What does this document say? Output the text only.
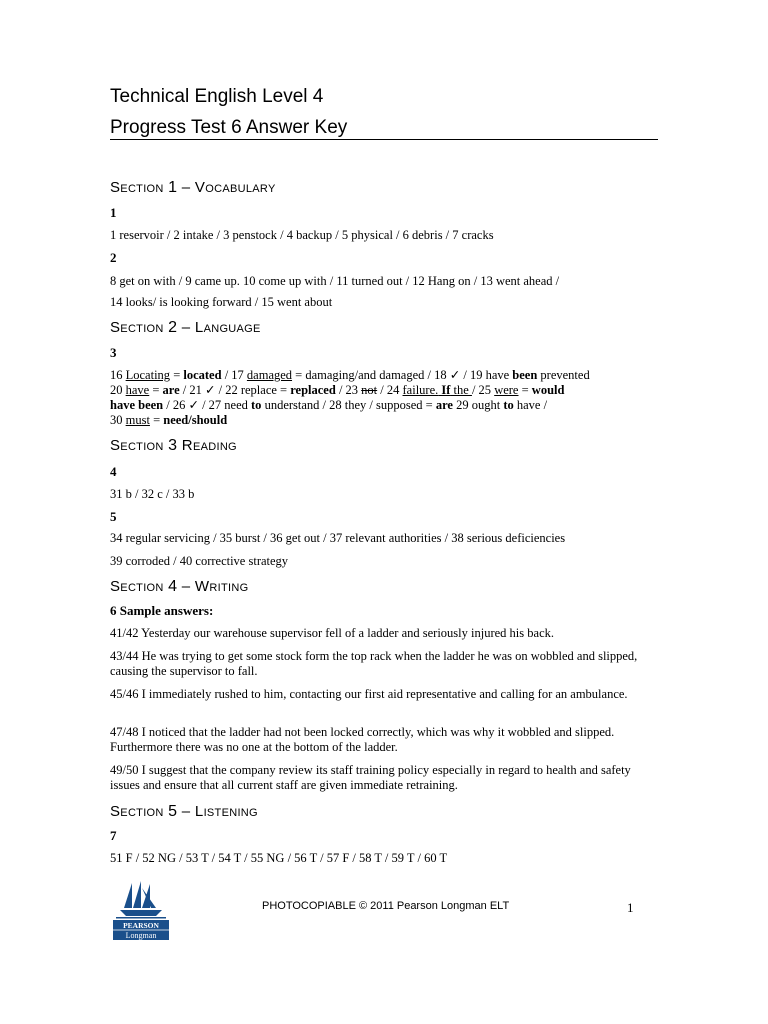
Technical English Level 4
Progress Test 6 Answer Key
Section 1 – Vocabulary
1
1 reservoir / 2 intake / 3 penstock / 4 backup / 5 physical / 6 debris / 7 cracks
2
8 get on with / 9 came up. 10 come up with / 11 turned out / 12 Hang on / 13 went ahead /
14 looks/ is looking forward / 15 went about
Section 2 – Language
3
16 Locating = located / 17 damaged = damaging/and damaged / 18 ✓ / 19 have been prevented
20 have = are / 21 ✓ / 22 replace = replaced / 23 not / 24 failure. If the / 25 were = would
have been / 26 ✓ / 27 need to understand / 28 they / supposed = are 29 ought to have /
30 must = need/should
Section 3 Reading
4
31 b / 32 c / 33 b
5
34 regular servicing / 35 burst / 36 get out / 37 relevant authorities / 38 serious deficiencies
39 corroded / 40 corrective strategy
Section 4 – Writing
6 Sample answers:
41/42 Yesterday our warehouse supervisor fell of a ladder and seriously injured his back.
43/44 He was trying to get some stock form the top rack when the ladder he was on wobbled and slipped, causing the supervisor to fall.
45/46 I immediately rushed to him, contacting our first aid representative and calling for an ambulance.
47/48 I noticed that the ladder had not been locked correctly, which was why it wobbled and slipped. Furthermore there was no one at the bottom of the ladder.
49/50 I suggest that the company review its staff training policy especially in regard to health and safety issues and ensure that all current staff are given immediate retraining.
Section 5 – Listening
7
51 F / 52 NG / 53 T / 54 T / 55 NG / 56 T / 57 F / 58 T / 59 T / 60 T
PEARSON
Longman
PHOTOCOPIABLE © 2011 Pearson Longman ELT	1
